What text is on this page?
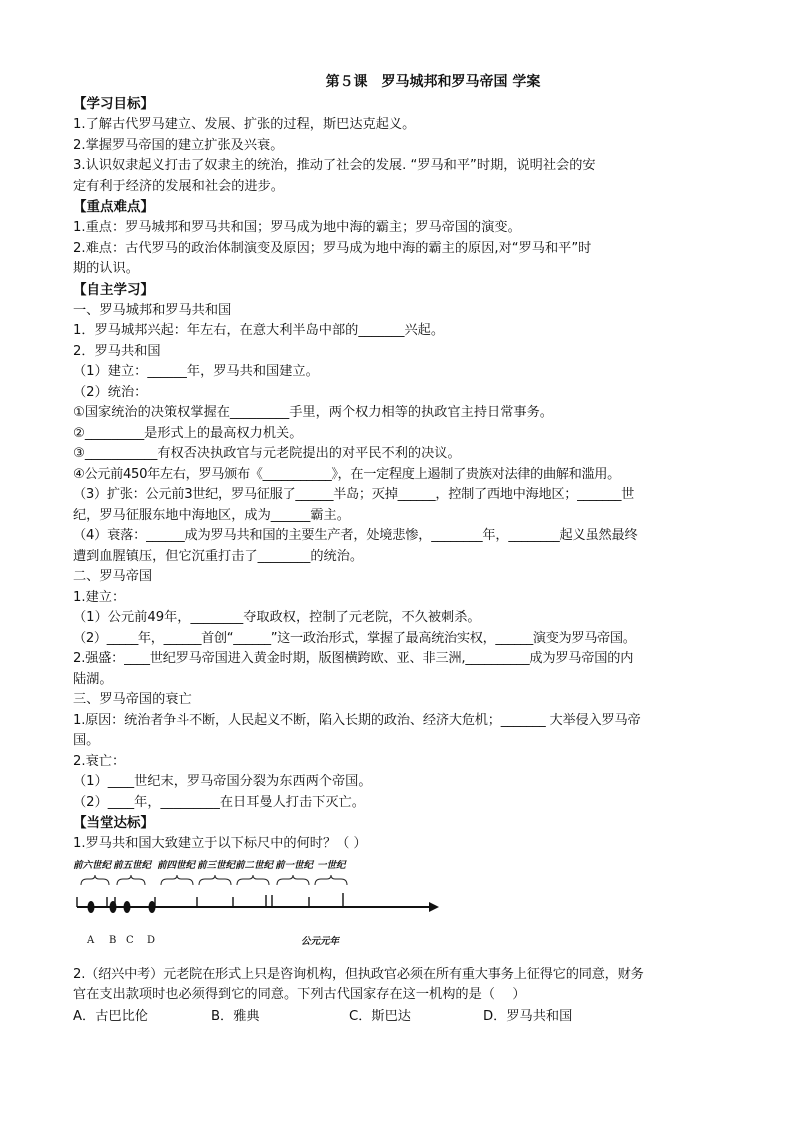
第５课　罗马城邦和罗马帝国 学案
【学习目标】
1.了解古代罗马建立、发展、扩张的过程，斯巴达克起义。
2.掌握罗马帝国的建立扩张及兴衰。
3.认识奴隶起义打击了奴隶主的统治，推动了社会的发展. “罗马和平”时期，说明社会的安
定有利于经济的发展和社会的进步。
【重点难点】
1.重点：罗马城邦和罗马共和国；罗马成为地中海的霸主；罗马帝国的演变。
2.难点：古代罗马的政治体制演变及原因；罗马成为地中海的霸主的原因,对“罗马和平”时
期的认识。
【自主学习】
一、罗马城邦和罗马共和国
1．罗马城邦兴起：年左右，在意大利半岛中部的_______兴起。
2．罗马共和国
（1）建立：______年，罗马共和国建立。
（2）统治：
①国家统治的决策权掌握在_________手里，两个权力相等的执政官主持日常事务。
②_________是形式上的最高权力机关。
③___________有权否决执政官与元老院提出的对平民不利的决议。
④公元前450年左右，罗马颁布《___________》，在一定程度上遏制了贵族对法律的曲解和滥用。
（3）扩张：公元前3世纪，罗马征服了______半岛；灭掉______，控制了西地中海地区；_______世
纪，罗马征服东地中海地区，成为______霸主。
（4）衰落：______成为罗马共和国的主要生产者，处境悲惨，________年，________起义虽然最终
遭到血腥镇压，但它沉重打击了________的统治。
二、罗马帝国
1.建立：
（1）公元前49年，________夺取政权，控制了元老院，不久被刺杀。
（2）_____年，______首创“______”这一政治形式，掌握了最高统治实权，______演变为罗马帝国。
2.强盛：____世纪罗马帝国进入黄金时期，版图横跨欧、亚、非三洲,__________成为罗马帝国的内
陆湖。
三、罗马帝国的衰亡
1.原因：统治者争斗不断，人民起义不断，陷入长期的政治、经济大危机；_______ 大举侵入罗马帝
国。
2.衰亡：
（1）____世纪末，罗马帝国分裂为东西两个帝国。
（2）____年，_________在日耳曼人打击下灭亡。
【当堂达标】
1.罗马共和国大致建立于以下标尺中的何时？（ ）
前六世纪 前五世纪 前四世纪 前三世纪 前二世纪 前一世纪 一世纪
A B C D	公元元年
2.（绍兴中考）元老院在形式上只是咨询机构，但执政官必须在所有重大事务上征得它的同意，财务
官在支出款项时也必须得到它的同意。下列古代国家存在这一机构的是（　 ）
A．古巴比伦	B．雅典	C．斯巴达	D．罗马共和国
